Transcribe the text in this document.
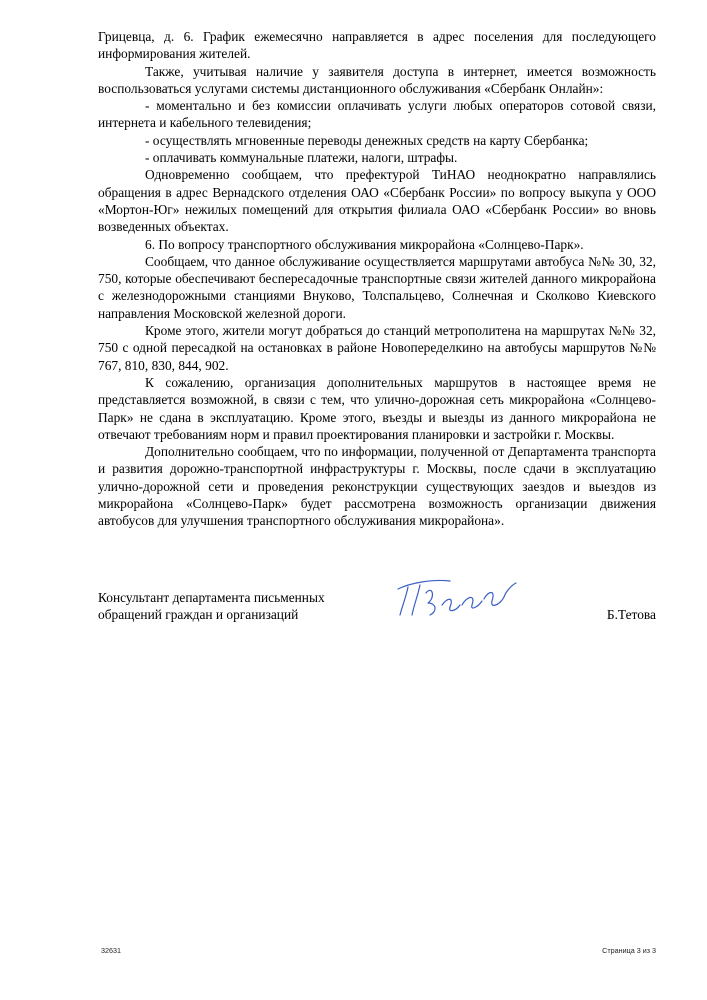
Грицевца, д. 6. График ежемесячно направляется в адрес поселения для последующего информирования жителей.

Также, учитывая наличие у заявителя доступа в интернет, имеется возможность воспользоваться услугами системы дистанционного обслуживания «Сбербанк Онлайн»:

- моментально и без комиссии оплачивать услуги любых операторов сотовой связи, интернета и кабельного телевидения;

- осуществлять мгновенные переводы денежных средств на карту Сбербанка;

- оплачивать коммунальные платежи, налоги, штрафы.

Одновременно сообщаем, что префектурой ТиНАО неоднократно направлялись обращения в адрес Вернадского отделения ОАО «Сбербанк России» по вопросу выкупа у ООО «Мортон-Юг» нежилых помещений для открытия филиала ОАО «Сбербанк России» во вновь возведенных объектах.

6. По вопросу транспортного обслуживания микрорайона «Солнцево-Парк».

Сообщаем, что данное обслуживание осуществляется маршрутами автобуса №№ 30, 32, 750, которые обеспечивают беспересадочные транспортные связи жителей данного микрорайона с железнодорожными станциями Внуково, Толспальцево, Солнечная и Сколково Киевского направления Московской железной дороги.

Кроме этого, жители могут добраться до станций метрополитена на маршрутах №№ 32, 750 с одной пересадкой на остановках в районе Новопеределкино на автобусы маршрутов №№ 767, 810, 830, 844, 902.

К сожалению, организация дополнительных маршрутов в настоящее время не представляется возможной, в связи с тем, что улично-дорожная сеть микрорайона «Солнцево-Парк» не сдана в эксплуатацию. Кроме этого, въезды и выезды из данного микрорайона не отвечают требованиям норм и правил проектирования планировки и застройки г. Москвы.

Дополнительно сообщаем, что по информации, полученной от Департамента транспорта и развития дорожно-транспортной инфраструктуры г. Москвы, после сдачи в эксплуатацию улично-дорожной сети и проведения реконструкции существующих заездов и выездов из микрорайона «Солнцево-Парк» будет рассмотрена возможность организации движения автобусов для улучшения транспортного обслуживания микрорайона».

Консультант департамента письменных
обращений граждан и организаций	Б.Тетова
32631	Страница 3 из 3
